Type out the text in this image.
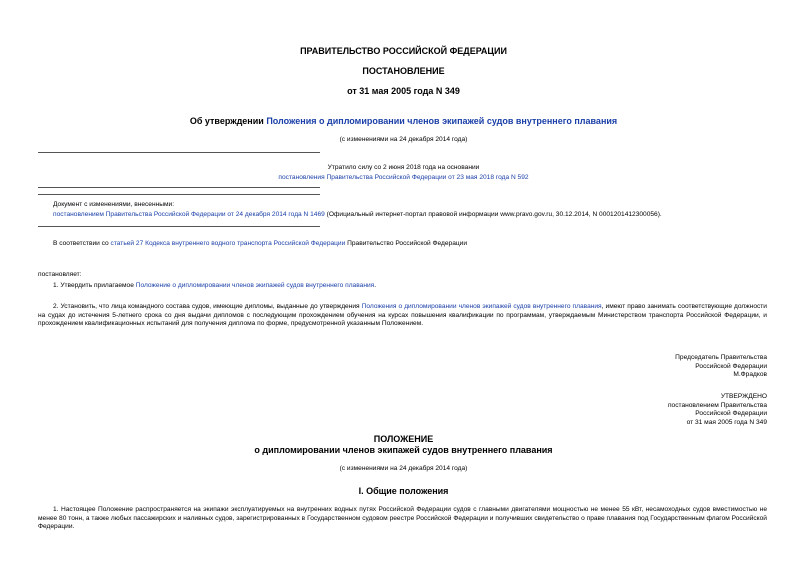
ПРАВИТЕЛЬСТВО РОССИЙСКОЙ ФЕДЕРАЦИИ
ПОСТАНОВЛЕНИЕ
от 31 мая 2005 года N 349
Об утверждении Положения о дипломировании членов экипажей судов внутреннего плавания
(с изменениями на 24 декабря 2014 года)
Утратило силу со 2 июня 2018 года на основании
постановления Правительства Российской Федерации от 23 мая 2018 года N 592
Документ с изменениями, внесенными:
постановлением Правительства Российской Федерации от 24 декабря 2014 года N 1469 (Официальный интернет-портал правовой информации www.pravo.gov.ru, 30.12.2014, N 0001201412300056).
В соответствии со статьей 27 Кодекса внутреннего водного транспорта Российской Федерации Правительство Российской Федерации
постановляет:
1. Утвердить прилагаемое Положение о дипломировании членов экипажей судов внутреннего плавания.
2. Установить, что лица командного состава судов, имеющие дипломы, выданные до утверждения Положения о дипломировании членов экипажей судов внутреннего плавания, имеют право занимать соответствующие должности на судах до истечения 5-летнего срока со дня выдачи дипломов с последующим прохождением обучения на курсах повышения квалификации по программам, утверждаемым Министерством транспорта Российской Федерации, и прохождением квалификационных испытаний для получения диплома по форме, предусмотренной указанным Положением.
Председатель Правительства
Российской Федерации
М.Фрадков
УТВЕРЖДЕНО
постановлением Правительства
Российской Федерации
от 31 мая 2005 года N 349
ПОЛОЖЕНИЕ
о дипломировании членов экипажей судов внутреннего плавания
(с изменениями на 24 декабря 2014 года)
I. Общие положения
1. Настоящее Положение распространяется на экипажи эксплуатируемых на внутренних водных путях Российской Федерации судов с главными двигателями мощностью не менее 55 кВт, несамоходных судов вместимостью не менее 80 тонн, а также любых пассажирских и наливных судов, зарегистрированных в Государственном судовом реестре Российской Федерации и получивших свидетельство о праве плавания под Государственным флагом Российской Федерации.
